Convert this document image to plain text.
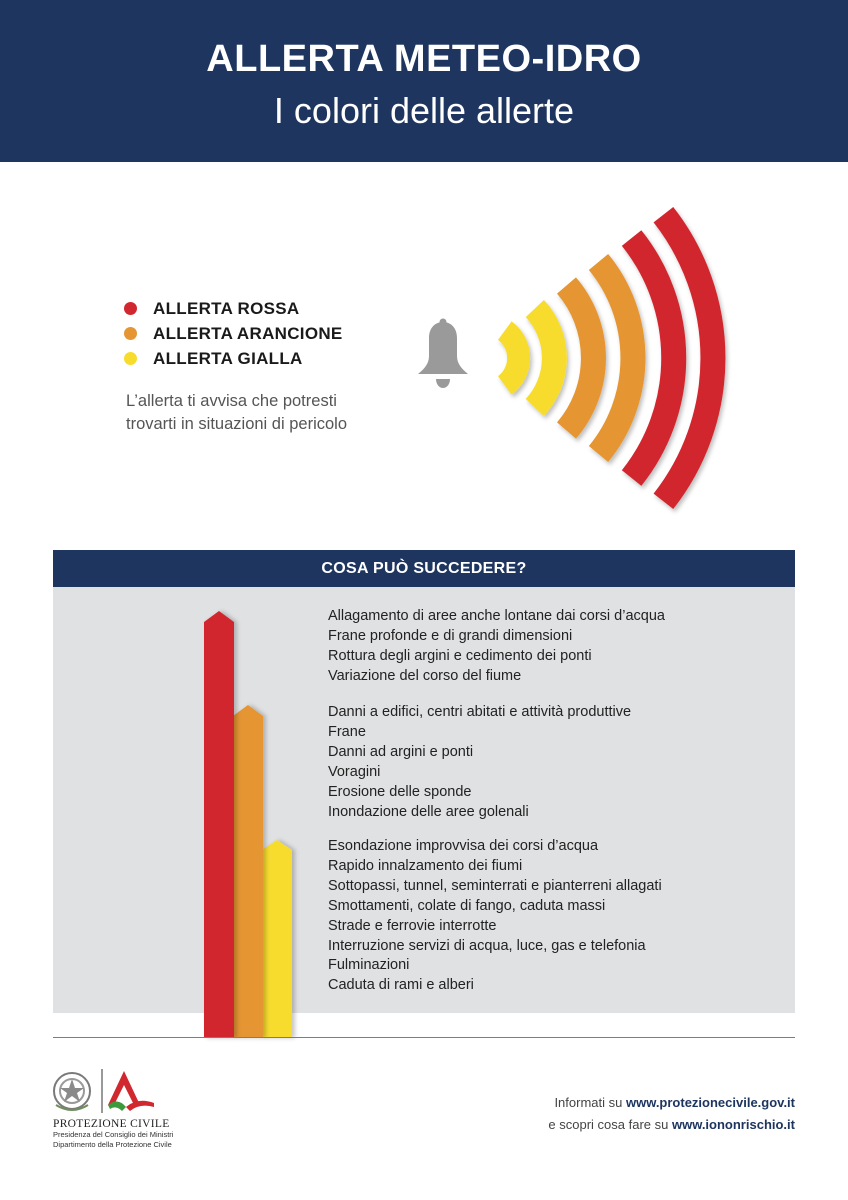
ALLERTA METEO-IDRO
I colori delle allerte
ALLERTA ROSSA
ALLERTA ARANCIONE
ALLERTA GIALLA
L’allerta ti avvisa che potresti
trovarti in situazioni di pericolo
COSA PUÒ SUCCEDERE?
Allagamento di aree anche lontane dai corsi d’acqua
Frane profonde e di grandi dimensioni
Rottura degli argini e cedimento dei ponti
Variazione del corso del fiume
Danni a edifici, centri abitati e attività produttive
Frane
Danni ad argini e ponti
Voragini
Erosione delle sponde
Inondazione delle aree golenali
Esondazione improvvisa dei corsi d’acqua
Rapido innalzamento dei fiumi
Sottopassi, tunnel, seminterrati e pianterreni allagati
Smottamenti, colate di fango, caduta massi
Strade e ferrovie interrotte
Interruzione servizi di acqua, luce, gas e telefonia
Fulminazioni
Caduta di rami e alberi
PROTEZIONE CIVILE
Presidenza del Consiglio dei Ministri
Dipartimento della Protezione Civile
Informati su www.protezionecivile.gov.it
e scopri cosa fare su www.iononrischio.it
